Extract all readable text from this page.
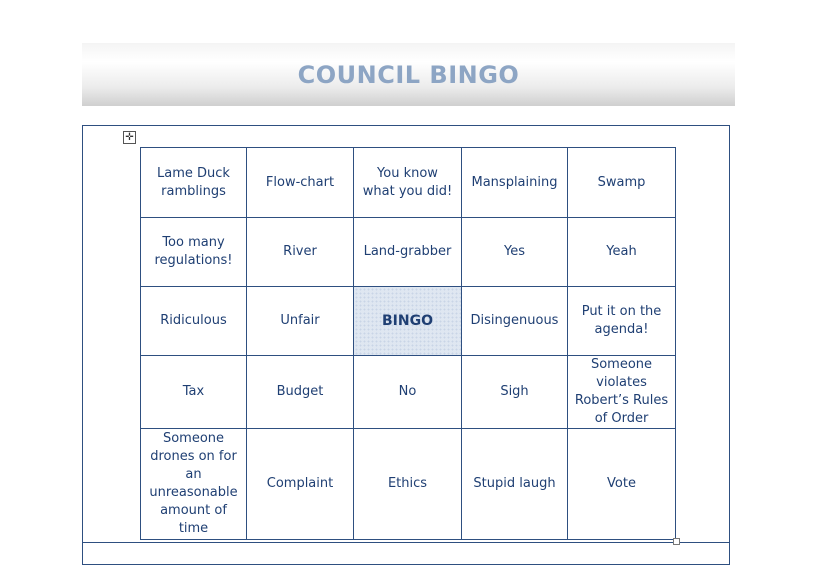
COUNCIL BINGO
✛
Lame Duck ramblings	Flow-chart	You know what you did!	Mansplaining	Swamp
Too many regulations!	River	Land-grabber	Yes	Yeah
Ridiculous	Unfair	BINGO	Disingenuous	Put it on the agenda!
Tax	Budget	No	Sigh	Someone violates Robert’s Rules of Order
Someone drones on for an unreasonable amount of time	Complaint	Ethics	Stupid laugh	Vote
